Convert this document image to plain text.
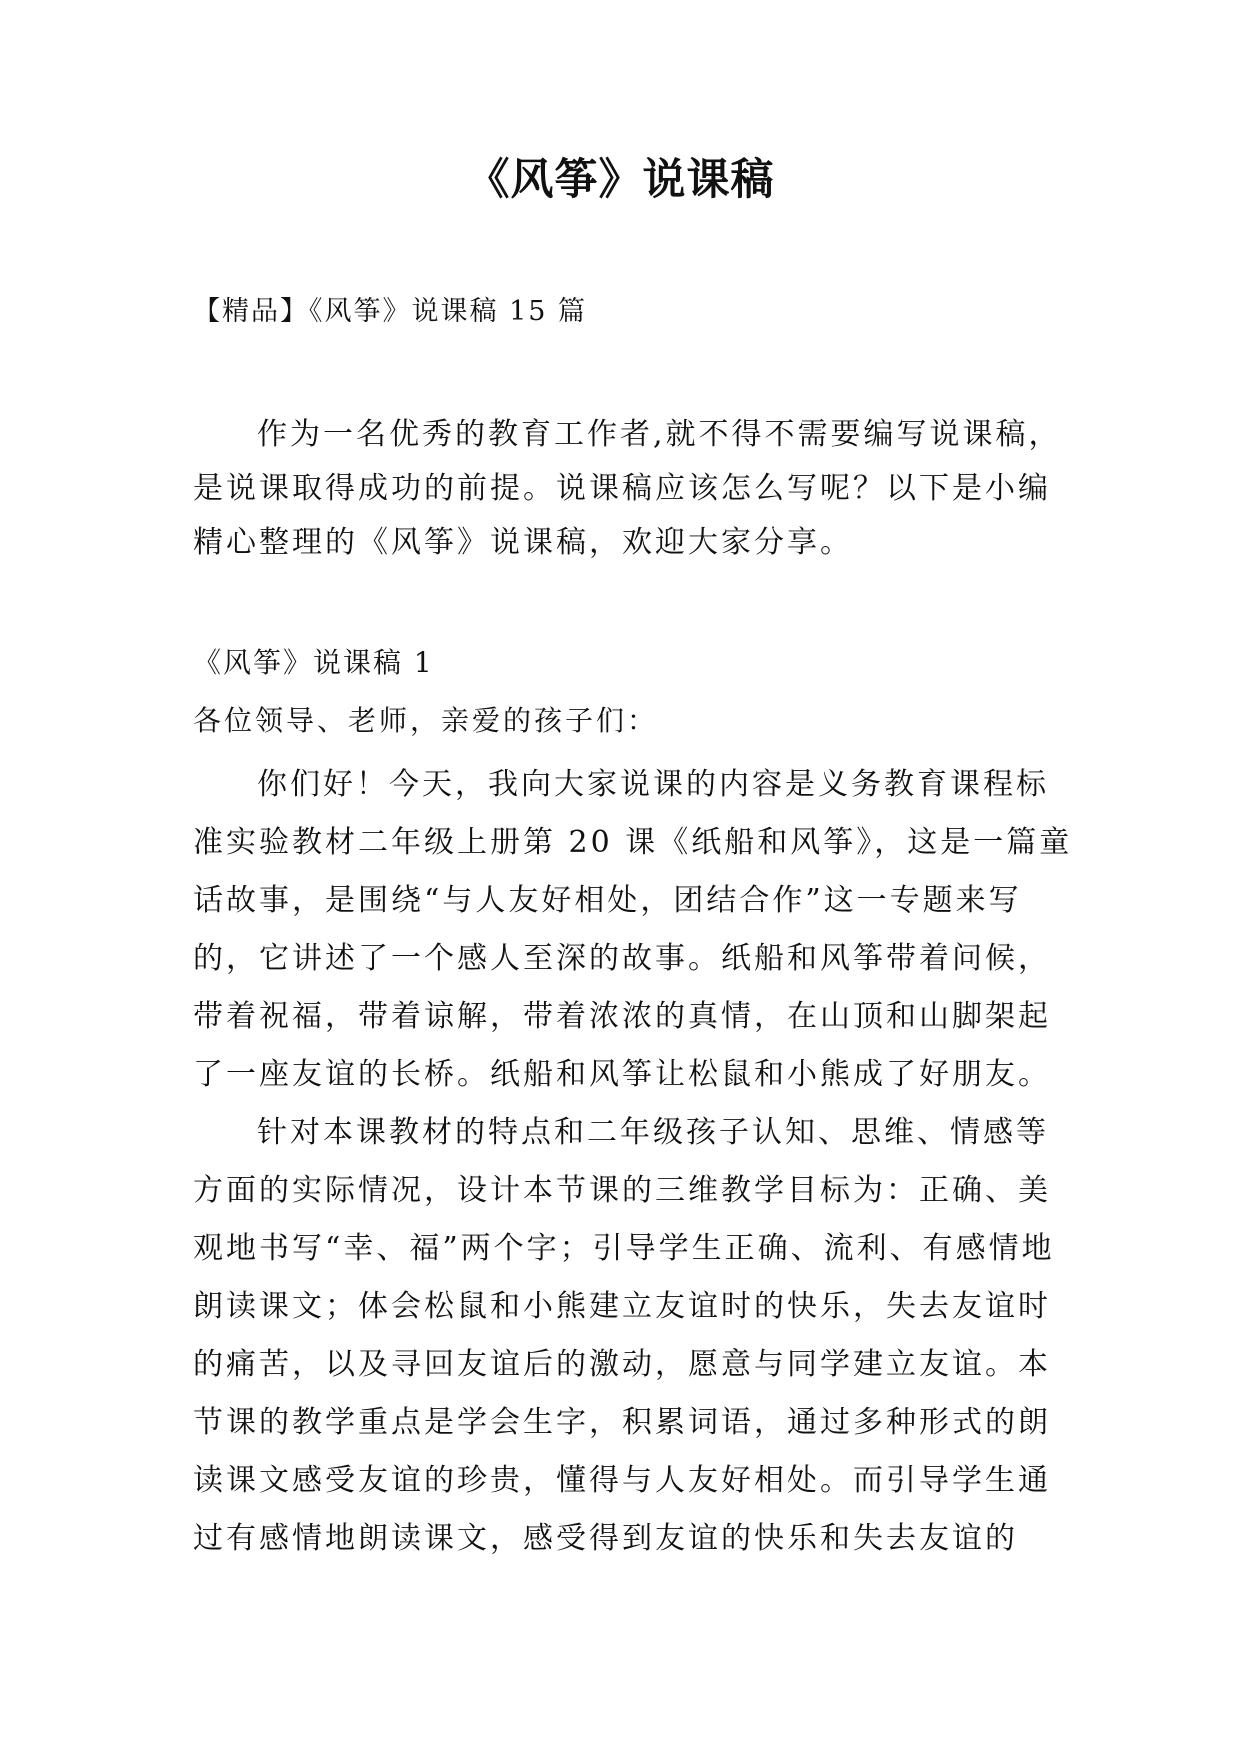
《风筝》说课稿

【精品】《风筝》说课稿 15 篇

作为一名优秀的教育工作者,就不得不需要编写说课稿，是说课取得成功的前提。说课稿应该怎么写呢？以下是小编精心整理的《风筝》说课稿，欢迎大家分享。

《风筝》说课稿 1

各位领导、老师，亲爱的孩子们：

你们好！今天，我向大家说课的内容是义务教育课程标准实验教材二年级上册第 20 课《纸船和风筝》，这是一篇童话故事，是围绕“与人友好相处，团结合作”这一专题来写的，它讲述了一个感人至深的故事。纸船和风筝带着问候，带着祝福，带着谅解，带着浓浓的真情，在山顶和山脚架起了一座友谊的长桥。纸船和风筝让松鼠和小熊成了好朋友。

针对本课教材的特点和二年级孩子认知、思维、情感等方面的实际情况，设计本节课的三维教学目标为：正确、美观地书写“幸、福”两个字；引导学生正确、流利、有感情地朗读课文；体会松鼠和小熊建立友谊时的快乐，失去友谊时的痛苦，以及寻回友谊后的激动，愿意与同学建立友谊。本节课的教学重点是学会生字，积累词语，通过多种形式的朗读课文感受友谊的珍贵，懂得与人友好相处。而引导学生通过有感情地朗读课文，感受得到友谊的快乐和失去友谊的
